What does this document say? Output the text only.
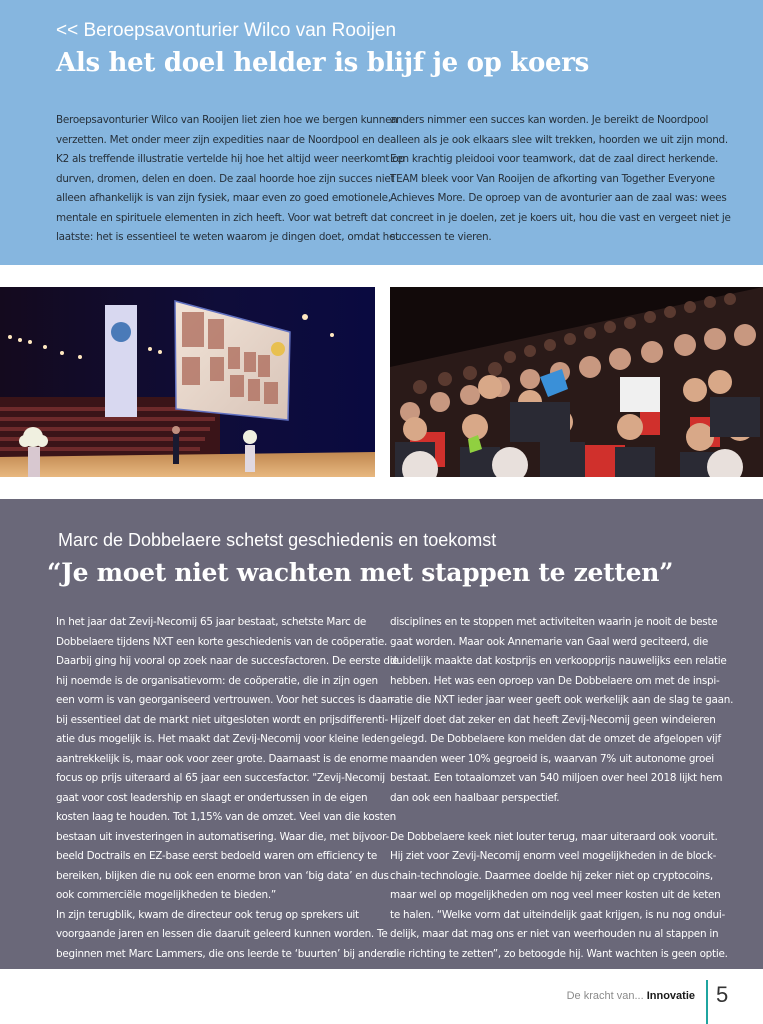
<< Beroepsavonturier Wilco van Rooijen
Als het doel helder is blijf je op koers

Beroepsavonturier Wilco van Rooijen liet zien hoe we bergen kunnen

verzetten. Met onder meer zijn expedities naar de Noordpool en de

K2 als treffende illustratie vertelde hij hoe het altijd weer neerkomt op

durven, dromen, delen en doen. De zaal hoorde hoe zijn succes niet

alleen afhankelijk is van zijn fysiek, maar even zo goed emotionele,

mentale en spirituele elementen in zich heeft. Voor wat betreft dat

laatste: het is essentieel te weten waarom je dingen doet, omdat het

anders nimmer een succes kan worden. Je bereikt de Noordpool

alleen als je ook elkaars slee wilt trekken, hoorden we uit zijn mond.

Een krachtig pleidooi voor teamwork, dat de zaal direct herkende.

TEAM bleek voor Van Rooijen de afkorting van Together Everyone

Achieves More. De oproep van de avonturier aan de zaal was: wees

concreet in je doelen, zet je koers uit, hou die vast en vergeet niet je

successen te vieren.

Marc de Dobbelaere schetst geschiedenis en toekomst
“Je moet niet wachten met stappen te zetten”

In het jaar dat Zevij-Necomij 65 jaar bestaat, schetste Marc de

Dobbelaere tijdens NXT een korte geschiedenis van de coöperatie.

Daarbij ging hij vooral op zoek naar de succesfactoren. De eerste die

hij noemde is de organisatievorm: de coöperatie, die in zijn ogen

een vorm is van georganiseerd vertrouwen. Voor het succes is daar-

bij essentieel dat de markt niet uitgesloten wordt en prijsdifferenti-

atie dus mogelijk is. Het maakt dat Zevij-Necomij voor kleine leden

aantrekkelijk is, maar ook voor zeer grote. Daarnaast is de enorme

focus op prijs uiteraard al 65 jaar een succesfactor. "Zevij-Necomij

gaat voor cost leadership en slaagt er ondertussen in de eigen

kosten laag te houden. Tot 1,15% van de omzet. Veel van die kosten

bestaan uit investeringen in automatisering. Waar die, met bijvoor-

beeld Doctrails en EZ-base eerst bedoeld waren om efficiency te

bereiken, blijken die nu ook een enorme bron van ‘big data’ en dus

ook commerciële mogelijkheden te bieden.”

In zijn terugblik, kwam de directeur ook terug op sprekers uit

voorgaande jaren en lessen die daaruit geleerd kunnen worden. Te

beginnen met Marc Lammers, die ons leerde te ‘buurten’ bij andere

disciplines en te stoppen met activiteiten waarin je nooit de beste

gaat worden. Maar ook Annemarie van Gaal werd geciteerd, die

duidelijk maakte dat kostprijs en verkoopprijs nauwelijks een relatie

hebben. Het was een oproep van De Dobbelaere om met de inspi-

ratie die NXT ieder jaar weer geeft ook werkelijk aan de slag te gaan.

Hijzelf doet dat zeker en dat heeft Zevij-Necomij geen windeieren

gelegd. De Dobbelaere kon melden dat de omzet de afgelopen vijf

maanden weer 10% gegroeid is, waarvan 7% uit autonome groei

bestaat. Een totaalomzet van 540 miljoen over heel 2018 lijkt hem

dan ook een haalbaar perspectief.

De Dobbelaere keek niet louter terug, maar uiteraard ook vooruit.

Hij ziet voor Zevij-Necomij enorm veel mogelijkheden in de block-

chain-technologie. Daarmee doelde hij zeker niet op cryptocoins,

maar wel op mogelijkheden om nog veel meer kosten uit de keten

te halen. “Welke vorm dat uiteindelijk gaat krijgen, is nu nog ondui-

delijk, maar dat mag ons er niet van weerhouden nu al stappen in

die richting te zetten”, zo betoogde hij. Want wachten is geen optie.

De kracht van... Innovatie 5
